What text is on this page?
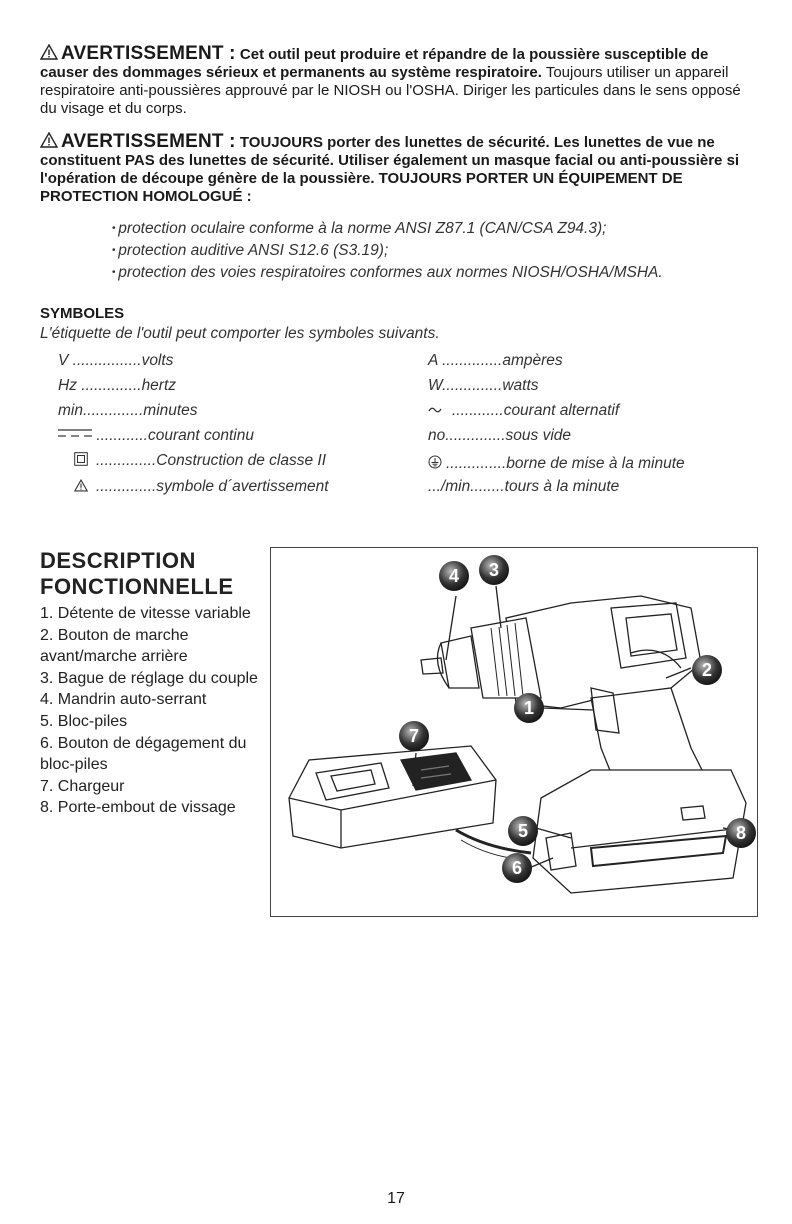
AVERTISSEMENT : Cet outil peut produire et répandre de la poussière susceptible de causer des dommages sérieux et permanents au système respiratoire. Toujours utiliser un appareil respiratoire anti-poussières approuvé par le NIOSH ou l'OSHA. Diriger les particules dans le sens opposé du visage et du corps.
AVERTISSEMENT : TOUJOURS porter des lunettes de sécurité. Les lunettes de vue ne constituent PAS des lunettes de sécurité. Utiliser également un masque facial ou anti-poussière si l'opération de découpe génère de la poussière. TOUJOURS PORTER UN ÉQUIPEMENT DE PROTECTION HOMOLOGUÉ :
• protection oculaire conforme à la norme ANSI Z87.1 (CAN/CSA Z94.3);
• protection auditive ANSI S12.6 (S3.19);
• protection des voies respiratoires conformes aux normes NIOSH/OSHA/MSHA.
SYMBOLES
L'étiquette de l'outil peut comporter les symboles suivants.
V ................volts
Hz ..............hertz
min..............minutes
............courant continu
..............Construction de classe II
..............symbole d´avertissement
A ..............ampères
W..............watts
............courant alternatif
no..............sous vide
..............borne de mise à la minute
.../min........tours à la minute
DESCRIPTION
FONCTIONNELLE
1. Détente de vitesse variable
2. Bouton de marche avant/marche arrière
3. Bague de réglage du couple
4. Mandrin auto-serrant
5. Bloc-piles
6. Bouton de dégagement du bloc-piles
7. Chargeur
8. Porte-embout de vissage
4 3
2
1
7
5
6
8
17
